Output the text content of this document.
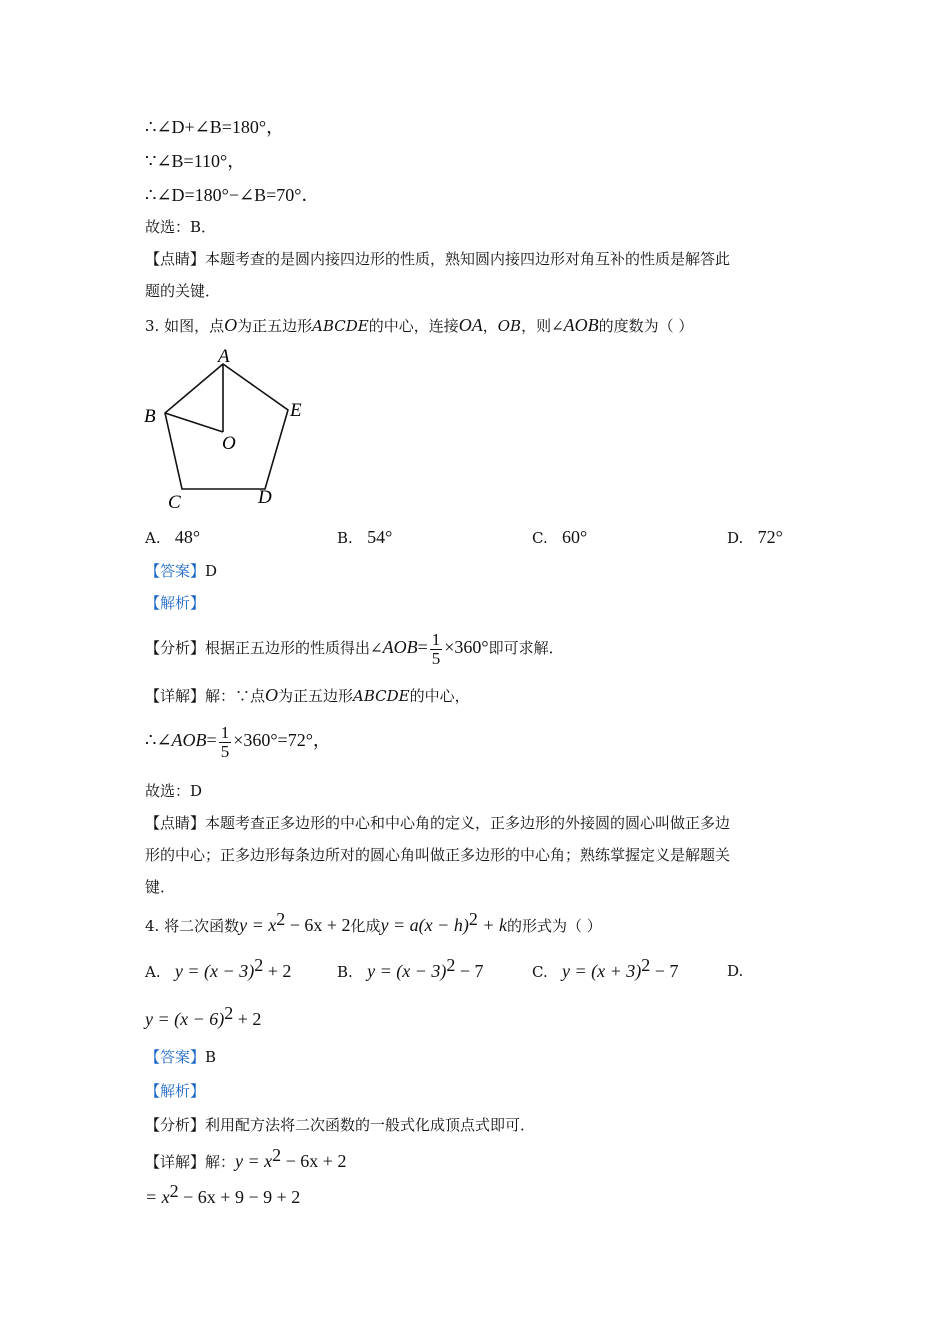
∴∠D+∠B=180°，
∵∠B=110°，
∴∠D=180°−∠B=70°．
故选：B．
【点睛】本题考查的是圆内接四边形的性质，熟知圆内接四边形对角互补的性质是解答此
题的关键．
3. 如图，点O为正五边形ABCDE的中心，连接OA，OB，则∠AOB的度数为（ ）
A
B	E
O
C	D
A. 48°	B. 54°	C. 60°	D. 72°
【答案】D
【解析】
【分析】根据正五边形的性质得出∠AOB= $\frac{1}{5} \times 360^\circ$即可求解．
【详解】解：∵点O为正五边形ABCDE的中心，
∴∠AOB= $\frac{1}{5} \times 360^\circ=72^\circ$，
故选：D
【点睛】本题考查正多边形的中心和中心角的定义，正多边形的外接圆的圆心叫做正多边
形的中心；正多边形每条边所对的圆心角叫做正多边形的中心角；熟练掌握定义是解题关
键．
4. 将二次函数$y = x^2 - 6x + 2$化成$y = a(x - h)^2 + k$的形式为（ ）
A. $y = (x - 3)^2 + 2$	B. $y = (x - 3)^2 - 7$	C. $y = (x + 3)^2 - 7$	D.
$y = (x - 6)^2 + 2$
【答案】B
【解析】
【分析】利用配方法将二次函数的一般式化成顶点式即可．
【详解】解：$y = x^2 - 6x + 2$
= $x^2 - 6x + 9 - 9 + 2$
